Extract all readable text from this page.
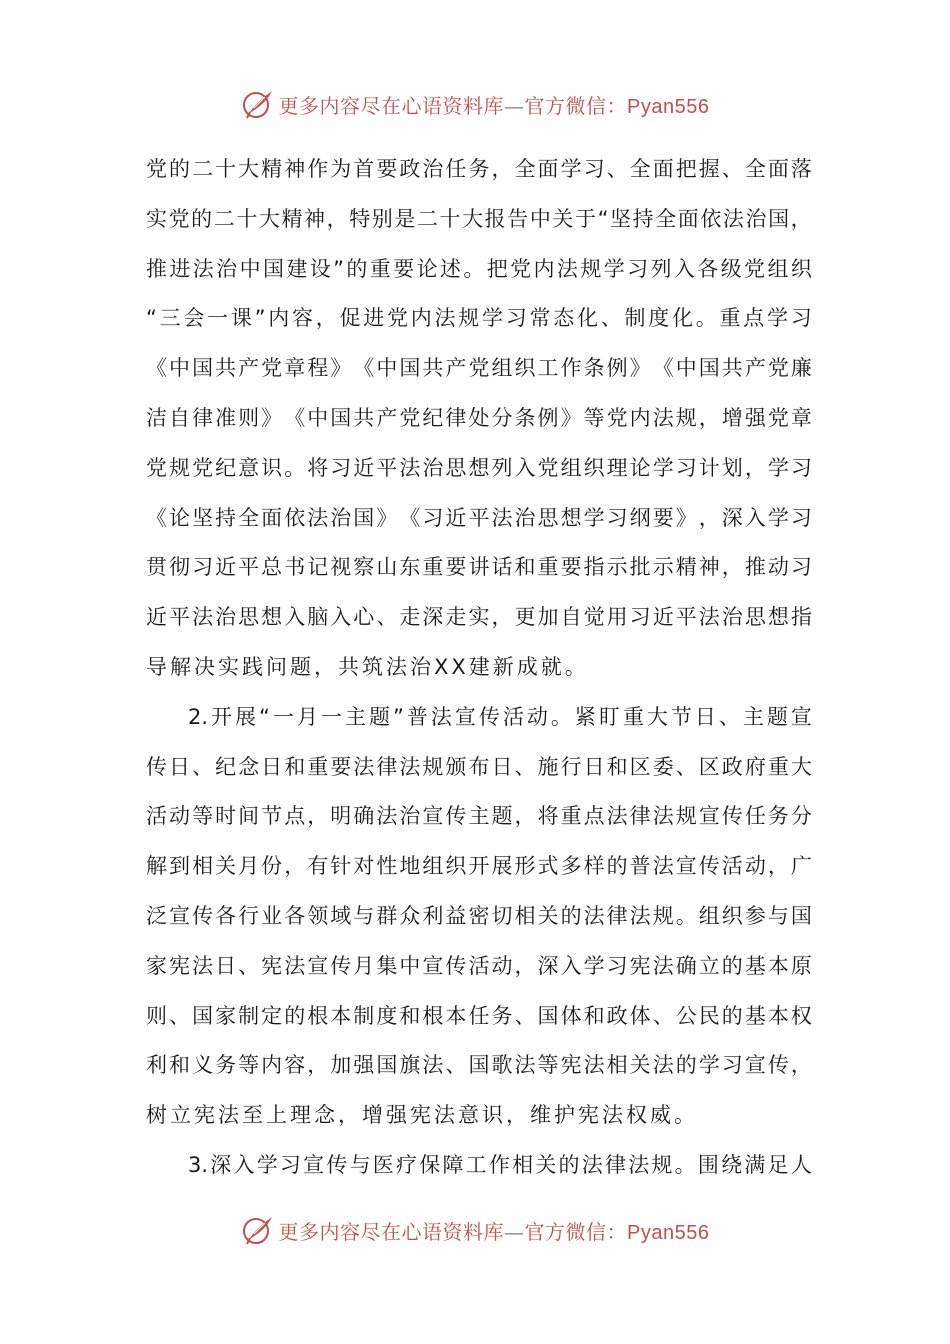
更多内容尽在心语资料库—官方微信：Pyan556
党 的 二 十 大 精 神 作 为 首 要 政 治 任 务 ， 全 面 学 习 、 全 面 把 握 、 全 面 落
实 党 的 二 十 大 精 神 ， 特 别 是 二 十 大 报 告 中 关 于 “ 坚 持 全 面 依 法 治 国 ，
推 进 法 治 中 国 建 设 ” 的 重 要 论 述 。 把 党 内 法 规 学 习 列 入 各 级 党 组 织
“ 三 会 一 课 ” 内 容 ， 促 进 党 内 法 规 学 习 常 态 化 、 制 度 化 。 重 点 学 习
《 中 国 共 产 党 章 程 》 《 中 国 共 产 党 组 织 工 作 条 例 》 《 中 国 共 产 党 廉
洁 自 律 准 则 》 《 中 国 共 产 党 纪 律 处 分 条 例 》 等 党 内 法 规 ， 增 强 党 章
党 规 党 纪 意 识 。 将 习 近 平 法 治 思 想 列 入 党 组 织 理 论 学 习 计 划 ， 学 习
《 论 坚 持 全 面 依 法 治 国 》 《 习 近 平 法 治 思 想 学 习 纲 要 》 ， 深 入 学 习
贯 彻 习 近 平 总 书 记 视 察 山 东 重 要 讲 话 和 重 要 指 示 批 示 精 神 ， 推 动 习
近 平 法 治 思 想 入 脑 入 心 、 走 深 走 实 ， 更 加 自 觉 用 习 近 平 法 治 思 想 指
导解决实践问题，共筑法治XX建新成就。
2. 开 展 “ 一 月 一 主 题 ” 普 法 宣 传 活 动 。 紧 盯 重 大 节 日 、 主 题 宣
传 日 、 纪 念 日 和 重 要 法 律 法 规 颁 布 日 、 施 行 日 和 区 委 、 区 政 府 重 大
活 动 等 时 间 节 点 ， 明 确 法 治 宣 传 主 题 ， 将 重 点 法 律 法 规 宣 传 任 务 分
解 到 相 关 月 份 ， 有 针 对 性 地 组 织 开 展 形 式 多 样 的 普 法 宣 传 活 动 ， 广
泛 宣 传 各 行 业 各 领 域 与 群 众 利 益 密 切 相 关 的 法 律 法 规 。 组 织 参 与 国
家 宪 法 日 、 宪 法 宣 传 月 集 中 宣 传 活 动 ， 深 入 学 习 宪 法 确 立 的 基 本 原
则 、 国 家 制 定 的 根 本 制 度 和 根 本 任 务 、 国 体 和 政 体 、 公 民 的 基 本 权
利 和 义 务 等 内 容 ， 加 强 国 旗 法 、 国 歌 法 等 宪 法 相 关 法 的 学 习 宣 传 ，
树立宪法至上理念，增强宪法意识，维护宪法权威。
3. 深 入 学 习 宣 传 与 医 疗 保 障 工 作 相 关 的 法 律 法 规 。 围 绕 满 足 人
更多内容尽在心语资料库—官方微信：Pyan556
